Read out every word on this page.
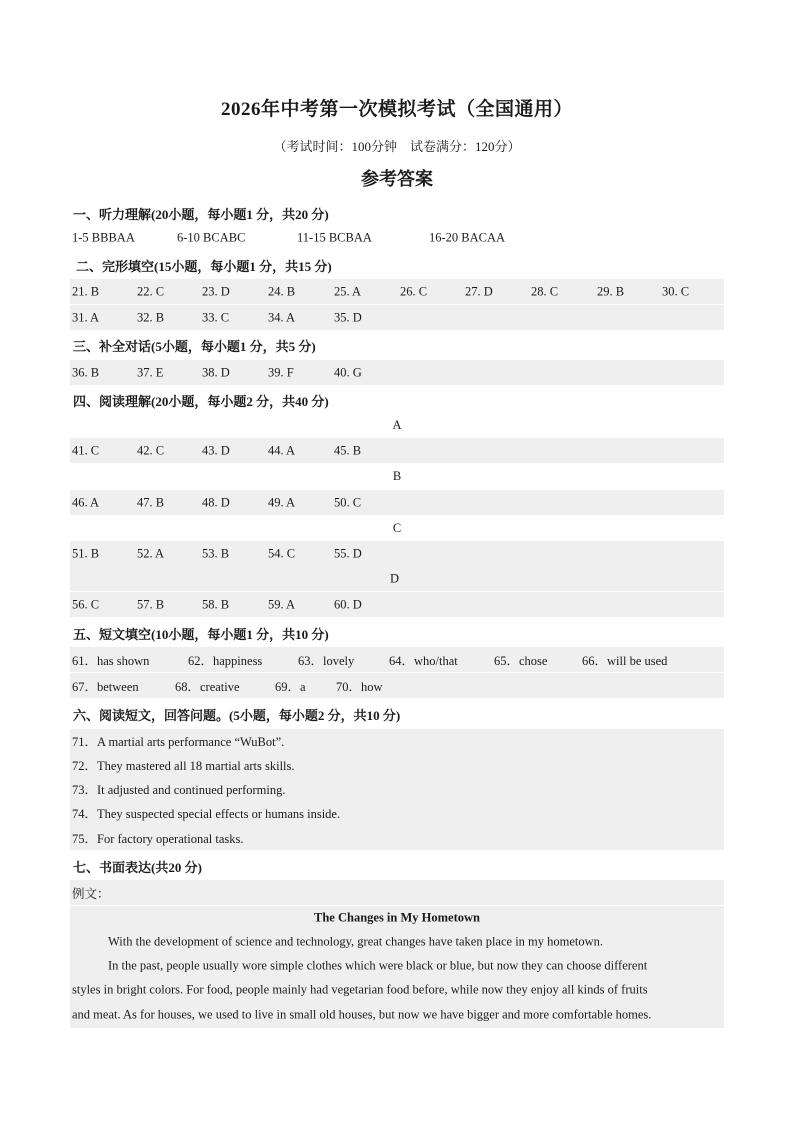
2026年中考第一次模拟考试（全国通用）
（考试时间：100分钟　试卷满分：120分）
参考答案
一、听力理解(20小题，每小题1 分，共20 分)
1-5 BBBAA	6-10 BCABC	11-15 BCBAA	16-20 BACAA
二、完形填空(15小题，每小题1 分，共15 分)
21. B	22. C	23. D	24. B	25. A	26. C	27. D	28. C	29. B	30. C
31. A	32. B	33. C	34. A	35. D
三、补全对话(5小题，每小题1 分，共5 分)
36. B	37. E	38. D	39. F	40. G
四、阅读理解(20小题，每小题2 分，共40 分)
A
41. C	42. C	43. D	44. A	45. B
B
46. A	47. B	48. D	49. A	50. C
C
51. B	52. A	53. B	54. C	55. D
D
56. C	57. B	58. B	59. A	60. D
五、短文填空(10小题，每小题1 分，共10 分)
61．has shown	62．happiness	63．lovely	64．who/that	65．chose	66．will be used
67．between	68．creative	69．a 70．how
六、阅读短文，回答问题。(5小题，每小题2 分，共10 分)
71．A martial arts performance “WuBot”.
72．They mastered all 18 martial arts skills.
73．It adjusted and continued performing.
74．They suspected special effects or humans inside.
75．For factory operational tasks.
七、书面表达(共20 分)
例文：
The Changes in My Hometown
With the development of science and technology, great changes have taken place in my hometown.
In the past, people usually wore simple clothes which were black or blue, but now they can choose different
styles in bright colors. For food, people mainly had vegetarian food before, while now they enjoy all kinds of fruits
and meat. As for houses, we used to live in small old houses, but now we have bigger and more comfortable homes.
